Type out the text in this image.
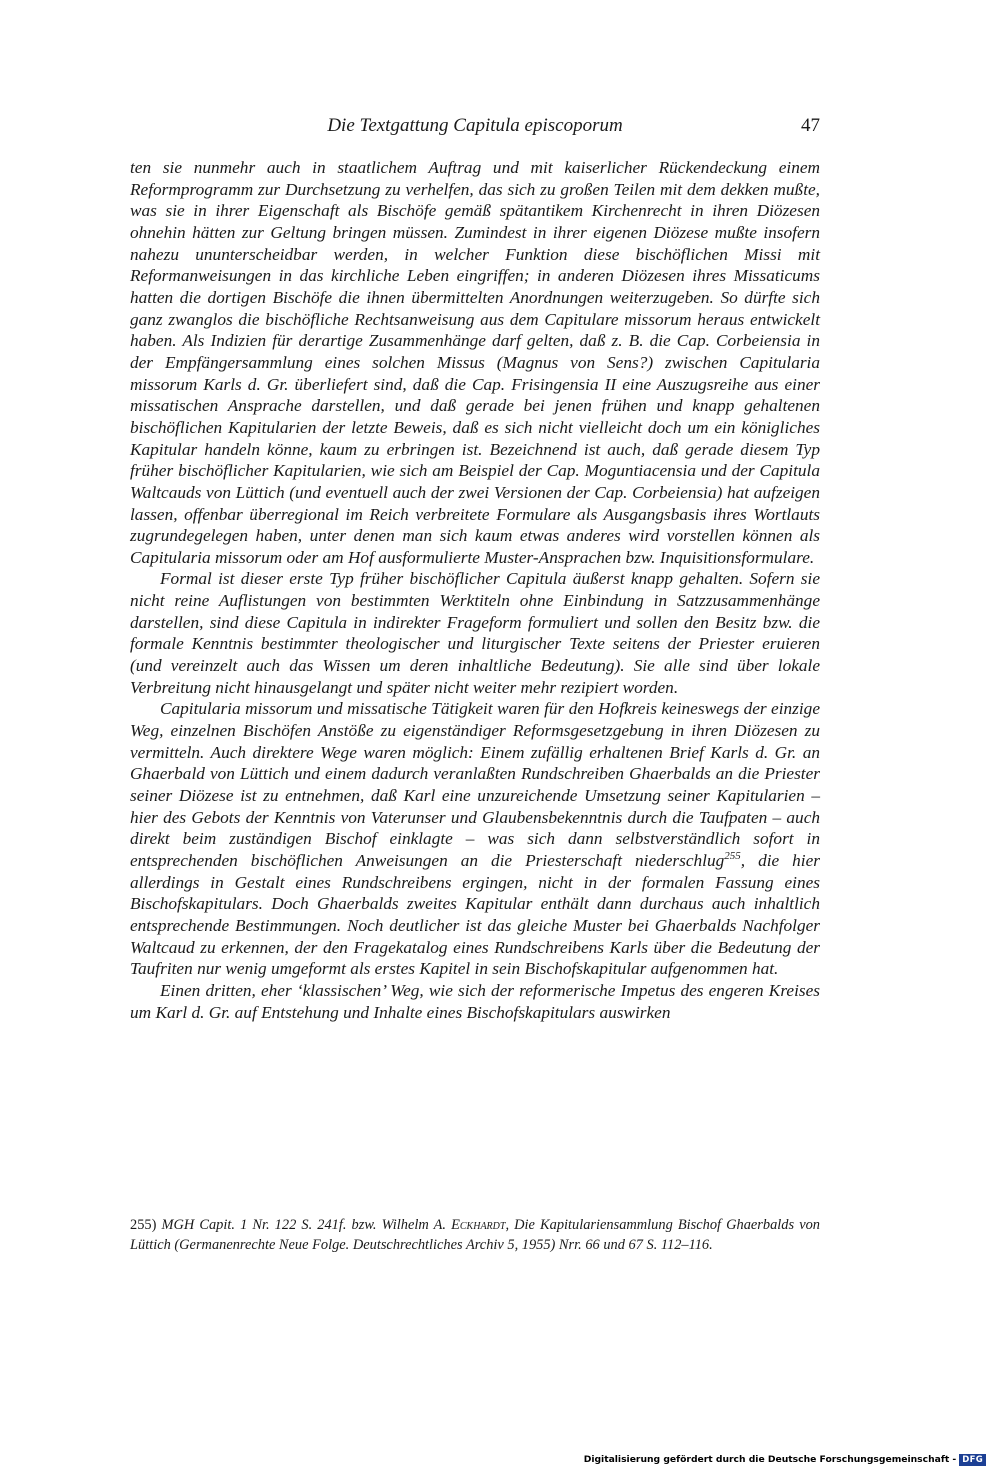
Die Textgattung Capitula episcoporum	47

ten sie nunmehr auch in staatlichem Auftrag und mit kaiserlicher Rückendeckung einem Reformprogramm zur Durchsetzung zu verhelfen, das sich zu großen Teilen mit dem dekken mußte, was sie in ihrer Eigenschaft als Bischöfe gemäß spätantikem Kirchenrecht in ihren Diözesen ohnehin hätten zur Geltung bringen müssen. Zumindest in ihrer eigenen Diözese mußte insofern nahezu ununterscheidbar werden, in welcher Funktion diese bischöflichen Missi mit Reformanweisungen in das kirchliche Leben eingriffen; in anderen Diözesen ihres Missaticums hatten die dortigen Bischöfe die ihnen übermittelten Anordnungen weiterzugeben. So dürfte sich ganz zwanglos die bischöfliche Rechtsanweisung aus dem Capitulare missorum heraus entwickelt haben. Als Indizien für derartige Zusammenhänge darf gelten, daß z. B. die Cap. Corbeiensia in der Empfängersammlung eines solchen Missus (Magnus von Sens?) zwischen Capitularia missorum Karls d. Gr. überliefert sind, daß die Cap. Frisingensia II eine Auszugsreihe aus einer missatischen Ansprache darstellen, und daß gerade bei jenen frühen und knapp gehaltenen bischöflichen Kapitularien der letzte Beweis, daß es sich nicht vielleicht doch um ein königliches Kapitular handeln könne, kaum zu erbringen ist. Bezeichnend ist auch, daß gerade diesem Typ früher bischöflicher Kapitularien, wie sich am Beispiel der Cap. Moguntiacensia und der Capitula Waltcauds von Lüttich (und eventuell auch der zwei Versionen der Cap. Corbeiensia) hat aufzeigen lassen, offenbar überregional im Reich verbreitete Formulare als Ausgangsbasis ihres Wortlauts zugrundegelegen haben, unter denen man sich kaum etwas anderes wird vorstellen können als Capitularia missorum oder am Hof ausformulierte Muster-Ansprachen bzw. Inquisitionsformulare.

Formal ist dieser erste Typ früher bischöflicher Capitula äußerst knapp gehalten. Sofern sie nicht reine Auflistungen von bestimmten Werktiteln ohne Einbindung in Satzzusammenhänge darstellen, sind diese Capitula in indirekter Frageform formuliert und sollen den Besitz bzw. die formale Kenntnis bestimmter theologischer und liturgischer Texte seitens der Priester eruieren (und vereinzelt auch das Wissen um deren inhaltliche Bedeutung). Sie alle sind über lokale Verbreitung nicht hinausgelangt und später nicht weiter mehr rezipiert worden.

Capitularia missorum und missatische Tätigkeit waren für den Hofkreis keineswegs der einzige Weg, einzelnen Bischöfen Anstöße zu eigenständiger Reformsgesetzgebung in ihren Diözesen zu vermitteln. Auch direktere Wege waren möglich: Einem zufällig erhaltenen Brief Karls d. Gr. an Ghaerbald von Lüttich und einem dadurch veranlaßten Rundschreiben Ghaerbalds an die Priester seiner Diözese ist zu entnehmen, daß Karl eine unzureichende Umsetzung seiner Kapitularien – hier des Gebots der Kenntnis von Vaterunser und Glaubensbekenntnis durch die Taufpaten – auch direkt beim zuständigen Bischof einklagte – was sich dann selbstverständlich sofort in entsprechenden bischöflichen Anweisungen an die Priesterschaft niederschlug$^{255}$, die hier allerdings in Gestalt eines Rundschreibens ergingen, nicht in der formalen Fassung eines Bischofskapitulars. Doch Ghaerbalds zweites Kapitular enthält dann durchaus auch inhaltlich entsprechende Bestimmungen. Noch deutlicher ist das gleiche Muster bei Ghaerbalds Nachfolger Waltcaud zu erkennen, der den Fragekatalog eines Rundschreibens Karls über die Bedeutung der Taufriten nur wenig umgeformt als erstes Kapitel in sein Bischofskapitular aufgenommen hat.

Einen dritten, eher ‘klassischen’ Weg, wie sich der reformerische Impetus des engeren Kreises um Karl d. Gr. auf Entstehung und Inhalte eines Bischofskapitulars auswirken

255) MGH Capit. 1 Nr. 122 S. 241f. bzw. Wilhelm A. Eckhardt, Die Kapitulariensammlung Bischof Ghaerbalds von Lüttich (Germanenrechte Neue Folge. Deutschrechtliches Archiv 5, 1955) Nrr. 66 und 67 S. 112–116.
Digitalisierung gefördert durch die Deutsche Forschungsgemeinschaft - DFG
